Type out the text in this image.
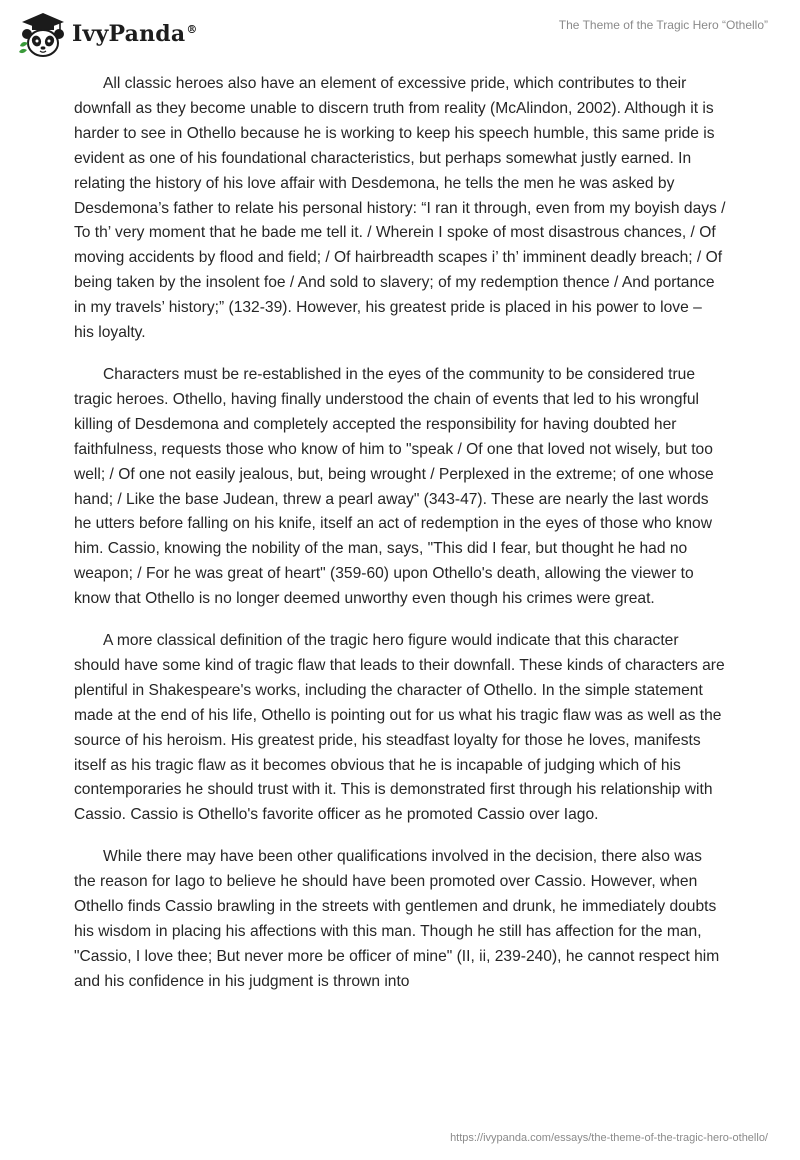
IvyPanda®	The Theme of the Tragic Hero “Othello”

All classic heroes also have an element of excessive pride, which contributes to their downfall as they become unable to discern truth from reality (McAlindon, 2002). Although it is harder to see in Othello because he is working to keep his speech humble, this same pride is evident as one of his foundational characteristics, but perhaps somewhat justly earned. In relating the history of his love affair with Desdemona, he tells the men he was asked by Desdemona’s father to relate his personal history: “I ran it through, even from my boyish days / To th’ very moment that he bade me tell it. / Wherein I spoke of most disastrous chances, / Of moving accidents by flood and field; / Of hairbreadth scapes i’ th’ imminent deadly breach; / Of being taken by the insolent foe / And sold to slavery; of my redemption thence / And portance in my travels’ history;” (132-39). However, his greatest pride is placed in his power to love – his loyalty.

Characters must be re-established in the eyes of the community to be considered true tragic heroes. Othello, having finally understood the chain of events that led to his wrongful killing of Desdemona and completely accepted the responsibility for having doubted her faithfulness, requests those who know of him to "speak / Of one that loved not wisely, but too well; / Of one not easily jealous, but, being wrought / Perplexed in the extreme; of one whose hand; / Like the base Judean, threw a pearl away" (343-47). These are nearly the last words he utters before falling on his knife, itself an act of redemption in the eyes of those who know him. Cassio, knowing the nobility of the man, says, "This did I fear, but thought he had no weapon; / For he was great of heart" (359-60) upon Othello's death, allowing the viewer to know that Othello is no longer deemed unworthy even though his crimes were great.

A more classical definition of the tragic hero figure would indicate that this character should have some kind of tragic flaw that leads to their downfall. These kinds of characters are plentiful in Shakespeare's works, including the character of Othello. In the simple statement made at the end of his life, Othello is pointing out for us what his tragic flaw was as well as the source of his heroism. His greatest pride, his steadfast loyalty for those he loves, manifests itself as his tragic flaw as it becomes obvious that he is incapable of judging which of his contemporaries he should trust with it. This is demonstrated first through his relationship with Cassio. Cassio is Othello's favorite officer as he promoted Cassio over Iago.

While there may have been other qualifications involved in the decision, there also was the reason for Iago to believe he should have been promoted over Cassio. However, when Othello finds Cassio brawling in the streets with gentlemen and drunk, he immediately doubts his wisdom in placing his affections with this man. Though he still has affection for the man, "Cassio, I love thee; But never more be officer of mine" (II, ii, 239-240), he cannot respect him and his confidence in his judgment is thrown into

https://ivypanda.com/essays/the-theme-of-the-tragic-hero-othello/
